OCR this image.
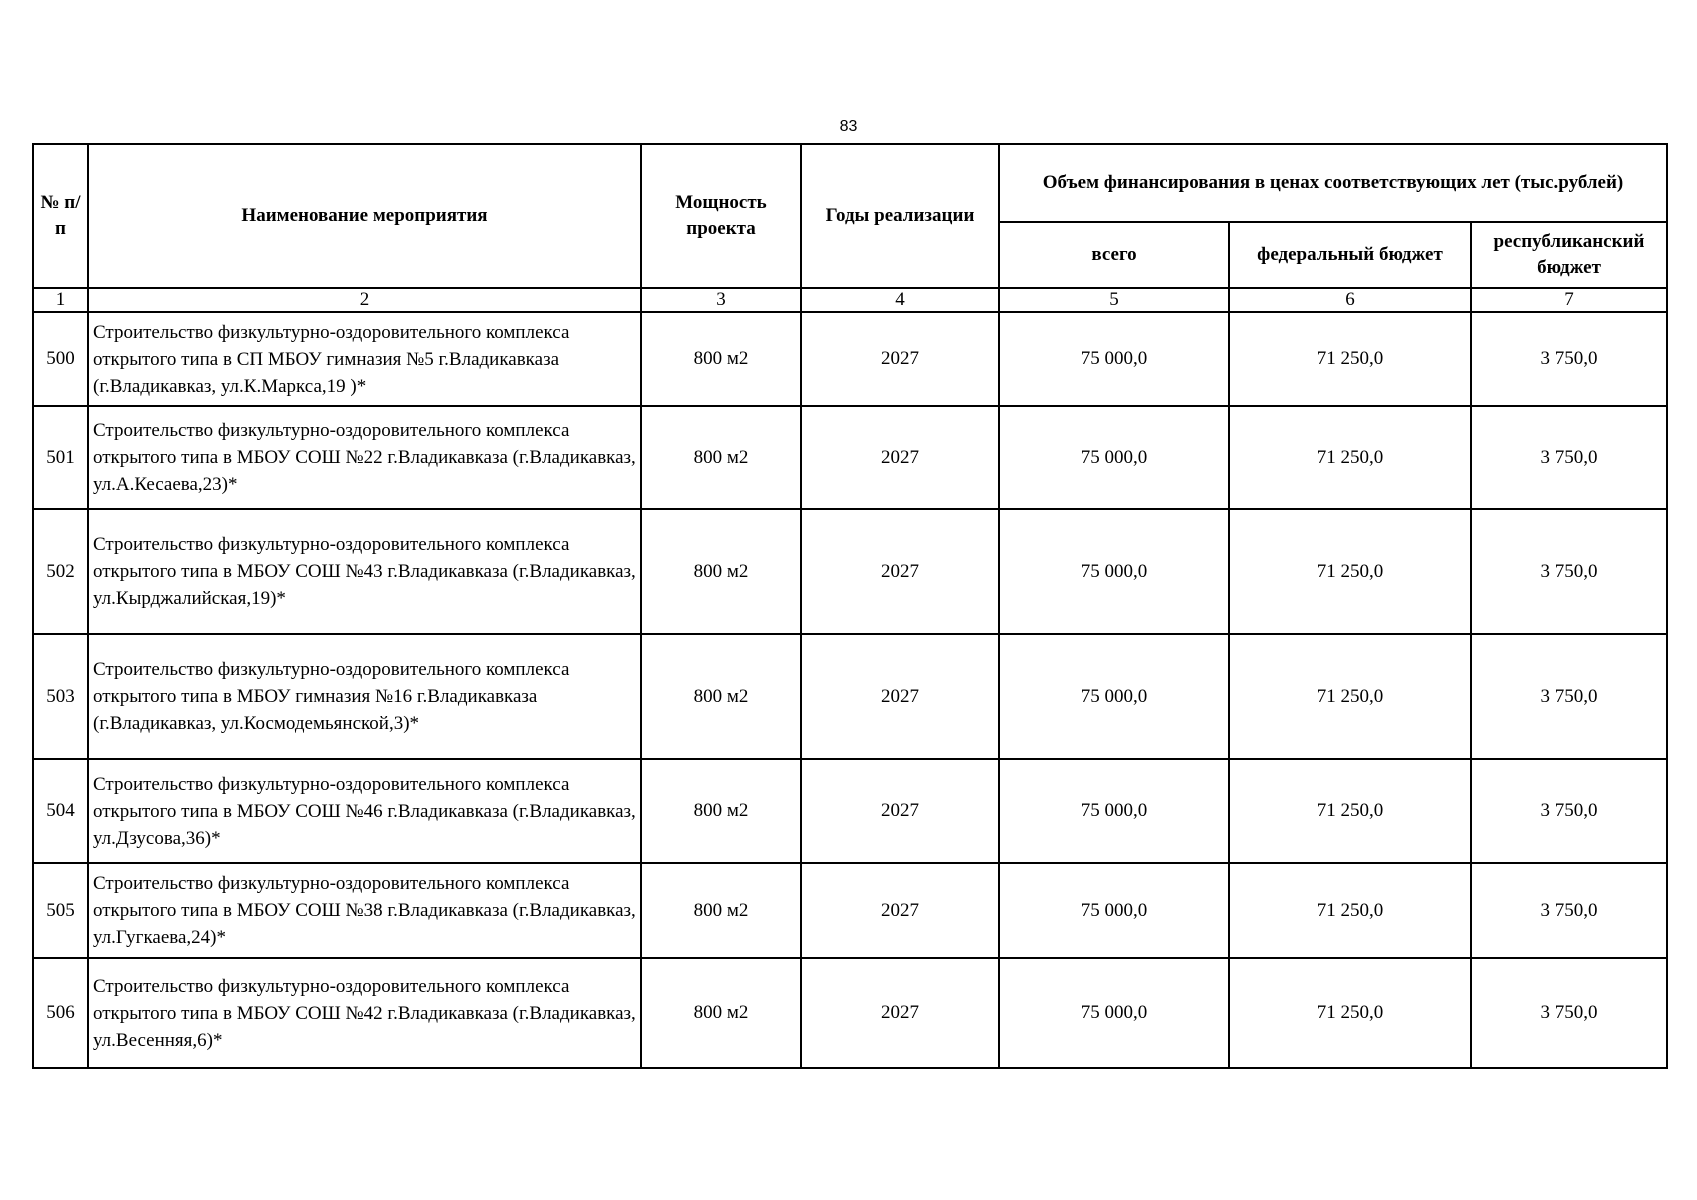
83
№ п/п	Наименование мероприятия	Мощность проекта	Годы реализации	Объем финансирования в ценах соответствующих лет (тыс.рублей)		
				всего	федеральный бюджет	республиканский бюджет
1	2	3	4	5	6	7
500	Строительство физкультурно-оздоровительного комплекса открытого типа в СП МБОУ гимназия №5 г.Владикавказа (г.Владикавказ, ул.К.Маркса,19 )*	800 м2	2027	75 000,0	71 250,0	3 750,0
501	Строительство физкультурно-оздоровительного комплекса открытого типа в МБОУ СОШ №22 г.Владикавказа (г.Владикавказ, ул.А.Кесаева,23)*	800 м2	2027	75 000,0	71 250,0	3 750,0
502	Строительство физкультурно-оздоровительного комплекса открытого типа в МБОУ СОШ №43 г.Владикавказа (г.Владикавказ, ул.Кырджалийская,19)*	800 м2	2027	75 000,0	71 250,0	3 750,0
503	Строительство физкультурно-оздоровительного комплекса открытого типа в МБОУ гимназия №16 г.Владикавказа (г.Владикавказ, ул.Космодемьянской,3)*	800 м2	2027	75 000,0	71 250,0	3 750,0
504	Строительство физкультурно-оздоровительного комплекса открытого типа в МБОУ СОШ №46 г.Владикавказа (г.Владикавказ, ул.Дзусова,36)*	800 м2	2027	75 000,0	71 250,0	3 750,0
505	Строительство физкультурно-оздоровительного комплекса открытого типа в МБОУ СОШ №38 г.Владикавказа (г.Владикавказ, ул.Гугкаева,24)*	800 м2	2027	75 000,0	71 250,0	3 750,0
506	Строительство физкультурно-оздоровительного комплекса открытого типа в МБОУ СОШ №42 г.Владикавказа (г.Владикавказ, ул.Весенняя,6)*	800 м2	2027	75 000,0	71 250,0	3 750,0
